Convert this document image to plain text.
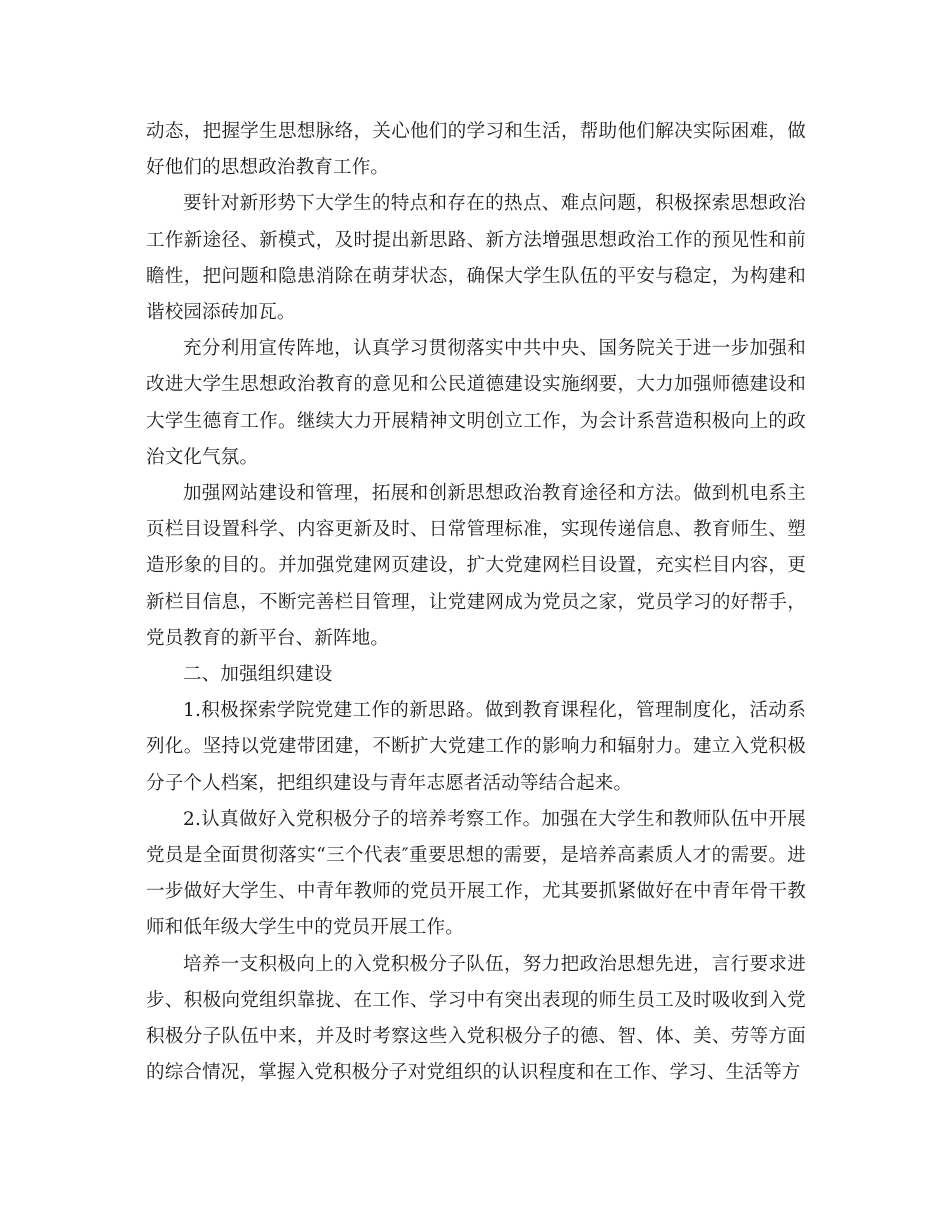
动态，把握学生思想脉络，关心他们的学习和生活，帮助他们解决实际困难，做好他们的思想政治教育工作。

要针对新形势下大学生的特点和存在的热点、难点问题，积极探索思想政治工作新途径、新模式，及时提出新思路、新方法增强思想政治工作的预见性和前瞻性，把问题和隐患消除在萌芽状态，确保大学生队伍的平安与稳定，为构建和谐校园添砖加瓦。

充分利用宣传阵地，认真学习贯彻落实中共中央、国务院关于进一步加强和改进大学生思想政治教育的意见和公民道德建设实施纲要，大力加强师德建设和大学生德育工作。继续大力开展精神文明创立工作，为会计系营造积极向上的政治文化气氛。

加强网站建设和管理，拓展和创新思想政治教育途径和方法。做到机电系主页栏目设置科学、内容更新及时、日常管理标准，实现传递信息、教育师生、塑造形象的目的。并加强党建网页建设，扩大党建网栏目设置，充实栏目内容，更新栏目信息，不断完善栏目管理，让党建网成为党员之家，党员学习的好帮手，党员教育的新平台、新阵地。

二、加强组织建设

1.积极探索学院党建工作的新思路。做到教育课程化，管理制度化，活动系列化。坚持以党建带团建，不断扩大党建工作的影响力和辐射力。建立入党积极分子个人档案，把组织建设与青年志愿者活动等结合起来。

2.认真做好入党积极分子的培养考察工作。加强在大学生和教师队伍中开展党员是全面贯彻落实“三个代表″重要思想的需要，是培养高素质人才的需要。进一步做好大学生、中青年教师的党员开展工作，尤其要抓紧做好在中青年骨干教师和低年级大学生中的党员开展工作。

培养一支积极向上的入党积极分子队伍，努力把政治思想先进，言行要求进步、积极向党组织靠拢、在工作、学习中有突出表现的师生员工及时吸收到入党积极分子队伍中来，并及时考察这些入党积极分子的德、智、体、美、劳等方面的综合情况，掌握入党积极分子对党组织的认识程度和在工作、学习、生活等方
